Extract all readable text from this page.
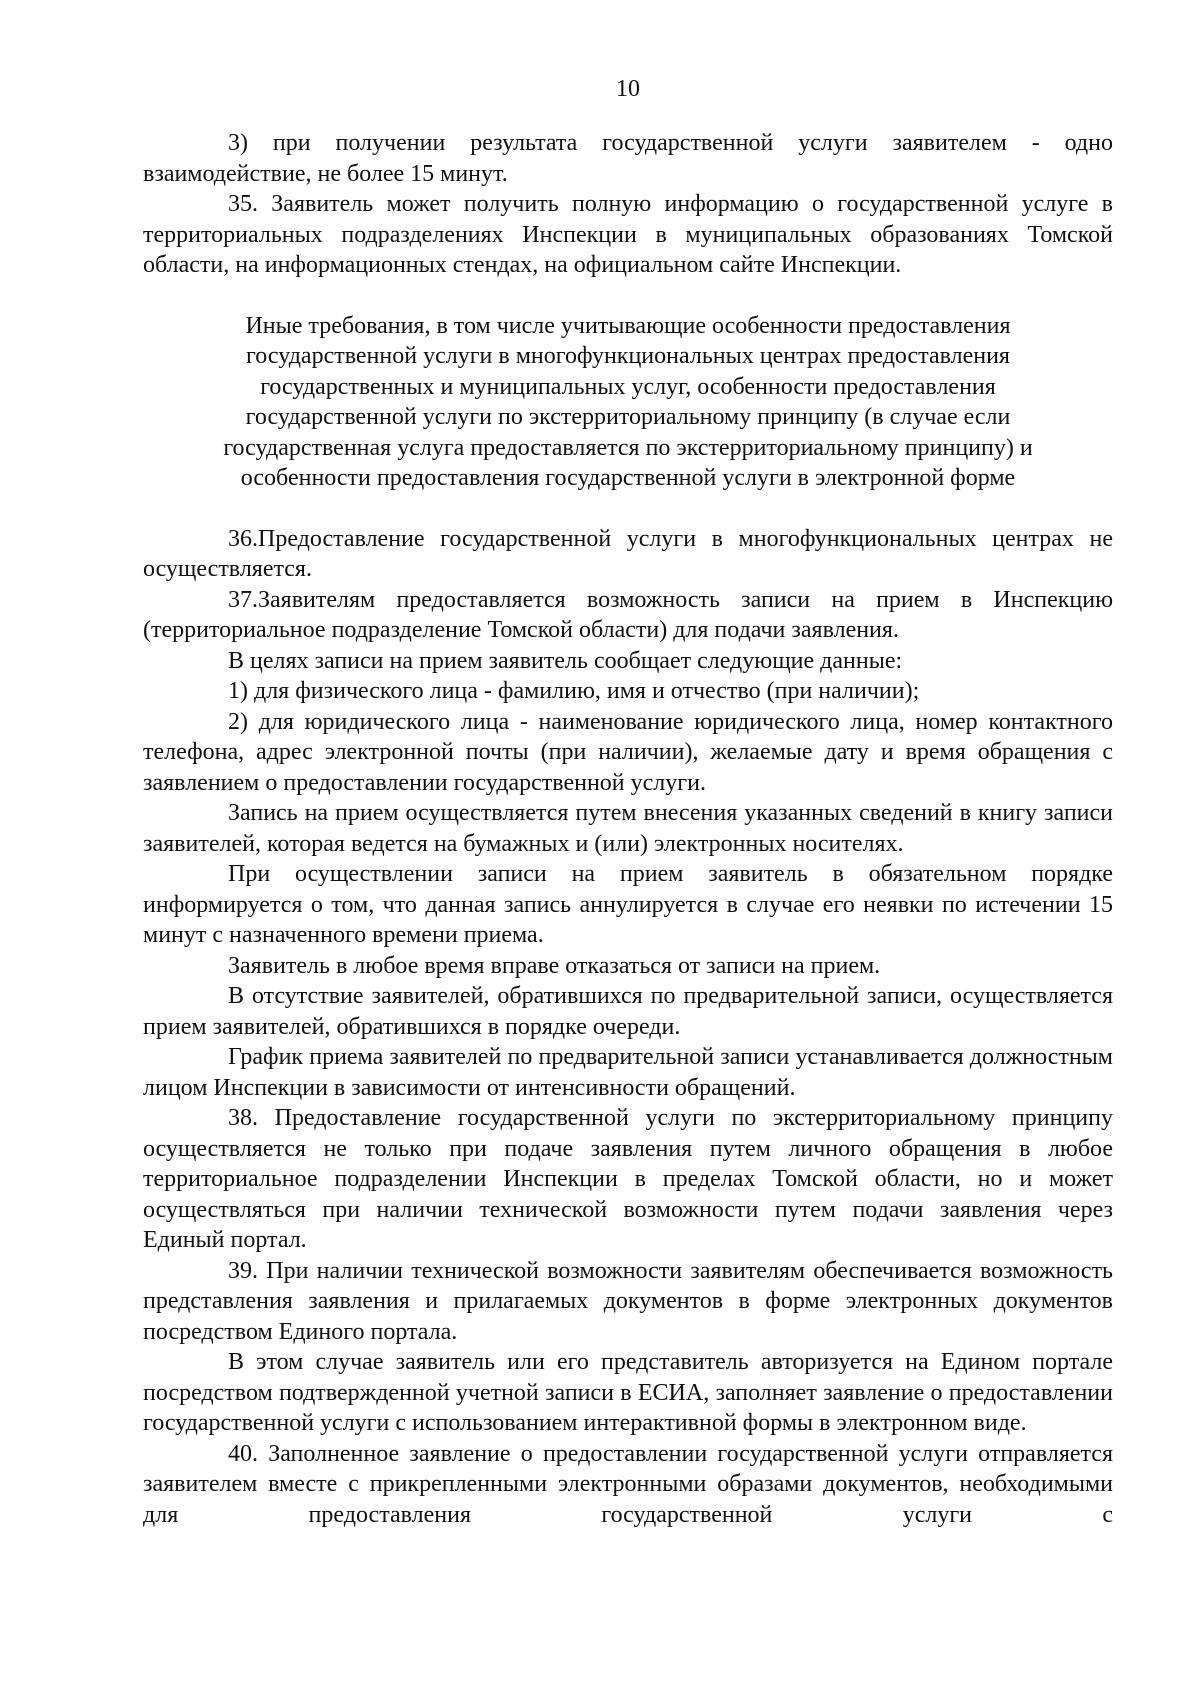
10

3) при получении результата государственной услуги заявителем - одно взаимодействие, не более 15 минут.

35. Заявитель может получить полную информацию о государственной услуге в территориальных подразделениях Инспекции в муниципальных образованиях Томской области, на информационных стендах, на официальном сайте Инспекции.

Иные требования, в том числе учитывающие особенности предоставления
государственной услуги в многофункциональных центрах предоставления
государственных и муниципальных услуг, особенности предоставления
государственной услуги по экстерриториальному принципу (в случае если
государственная услуга предоставляется по экстерриториальному принципу) и
особенности предоставления государственной услуги в электронной форме

36.Предоставление государственной услуги в многофункциональных центрах не осуществляется.

37.Заявителям предоставляется возможность записи на прием в Инспекцию (территориальное подразделение Томской области) для подачи заявления.

В целях записи на прием заявитель сообщает следующие данные:

1) для физического лица - фамилию, имя и отчество (при наличии);

2) для юридического лица - наименование юридического лица, номер контактного телефона, адрес электронной почты (при наличии), желаемые дату и время обращения с заявлением о предоставлении государственной услуги.

Запись на прием осуществляется путем внесения указанных сведений в книгу записи заявителей, которая ведется на бумажных и (или) электронных носителях.

При осуществлении записи на прием заявитель в обязательном порядке информируется о том, что данная запись аннулируется в случае его неявки по истечении 15 минут с назначенного времени приема.

Заявитель в любое время вправе отказаться от записи на прием.

В отсутствие заявителей, обратившихся по предварительной записи, осуществляется прием заявителей, обратившихся в порядке очереди.

График приема заявителей по предварительной записи устанавливается должностным лицом Инспекции в зависимости от интенсивности обращений.

38. Предоставление государственной услуги по экстерриториальному принципу осуществляется не только при подаче заявления путем личного обращения в любое территориальное подразделении Инспекции в пределах Томской области, но и может осуществляться при наличии технической возможности путем подачи заявления через Единый портал.

39. При наличии технической возможности заявителям обеспечивается возможность представления заявления и прилагаемых документов в форме электронных документов посредством Единого портала.

В этом случае заявитель или его представитель авторизуется на Едином портале посредством подтвержденной учетной записи в ЕСИА, заполняет заявление о предоставлении государственной услуги с использованием интерактивной формы в электронном виде.

40. Заполненное заявление о предоставлении государственной услуги отправляется заявителем вместе с прикрепленными электронными образами документов, необходимыми для предоставления государственной услуги с
